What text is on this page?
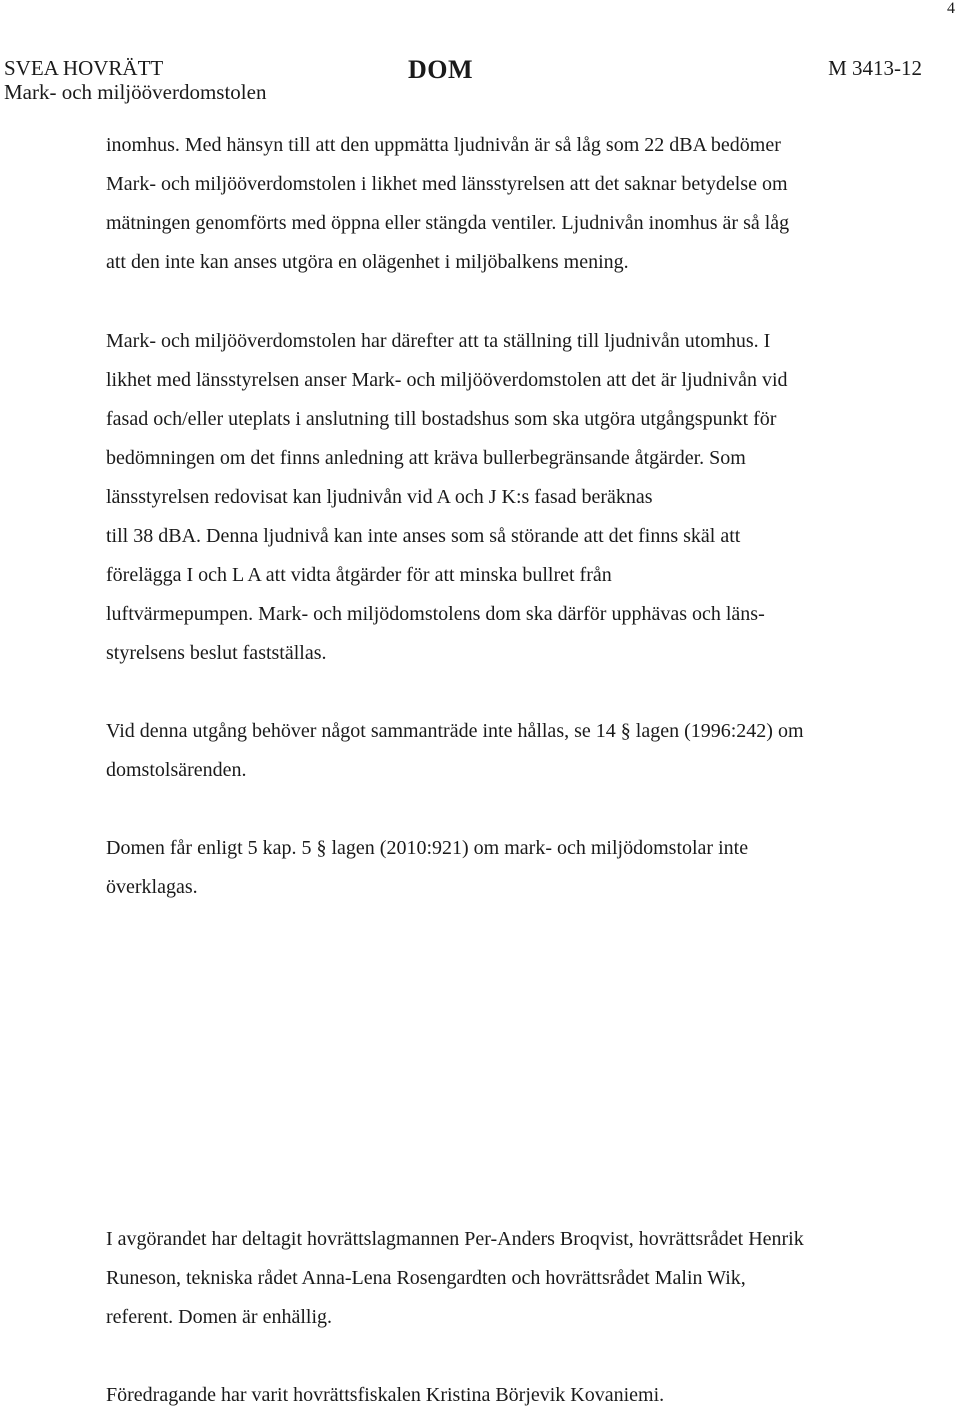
4
SVEA HOVRÄTT
Mark- och miljööverdomstolen
DOM	M 3413-12

inomhus. Med hänsyn till att den uppmätta ljudnivån är så låg som 22 dBA bedömer
Mark- och miljööverdomstolen i likhet med länsstyrelsen att det saknar betydelse om
mätningen genomförts med öppna eller stängda ventiler. Ljudnivån inomhus är så låg
att den inte kan anses utgöra en olägenhet i miljöbalkens mening.

Mark- och miljööverdomstolen har därefter att ta ställning till ljudnivån utomhus. I
likhet med länsstyrelsen anser Mark- och miljööverdomstolen att det är ljudnivån vid
fasad och/eller uteplats i anslutning till bostadshus som ska utgöra utgångspunkt för
bedömningen om det finns anledning att kräva bullerbegränsande åtgärder. Som
länsstyrelsen redovisat kan ljudnivån vid A och J K:s fasad beräknas
till 38 dBA. Denna ljudnivå kan inte anses som så störande att det finns skäl att
förelägga I och L A att vidta åtgärder för att minska bullret från
luftvärmepumpen. Mark- och miljödomstolens dom ska därför upphävas och läns-
styrelsens beslut fastställas.

Vid denna utgång behöver något sammanträde inte hållas, se 14 § lagen (1996:242) om
domstolsärenden.

Domen får enligt 5 kap. 5 § lagen (2010:921) om mark- och miljödomstolar inte
överklagas.

I avgörandet har deltagit hovrättslagmannen Per-Anders Broqvist, hovrättsrådet Henrik
Runeson, tekniska rådet Anna-Lena Rosengardten och hovrättsrådet Malin Wik,
referent. Domen är enhällig.

Föredragande har varit hovrättsfiskalen Kristina Börjevik Kovaniemi.
